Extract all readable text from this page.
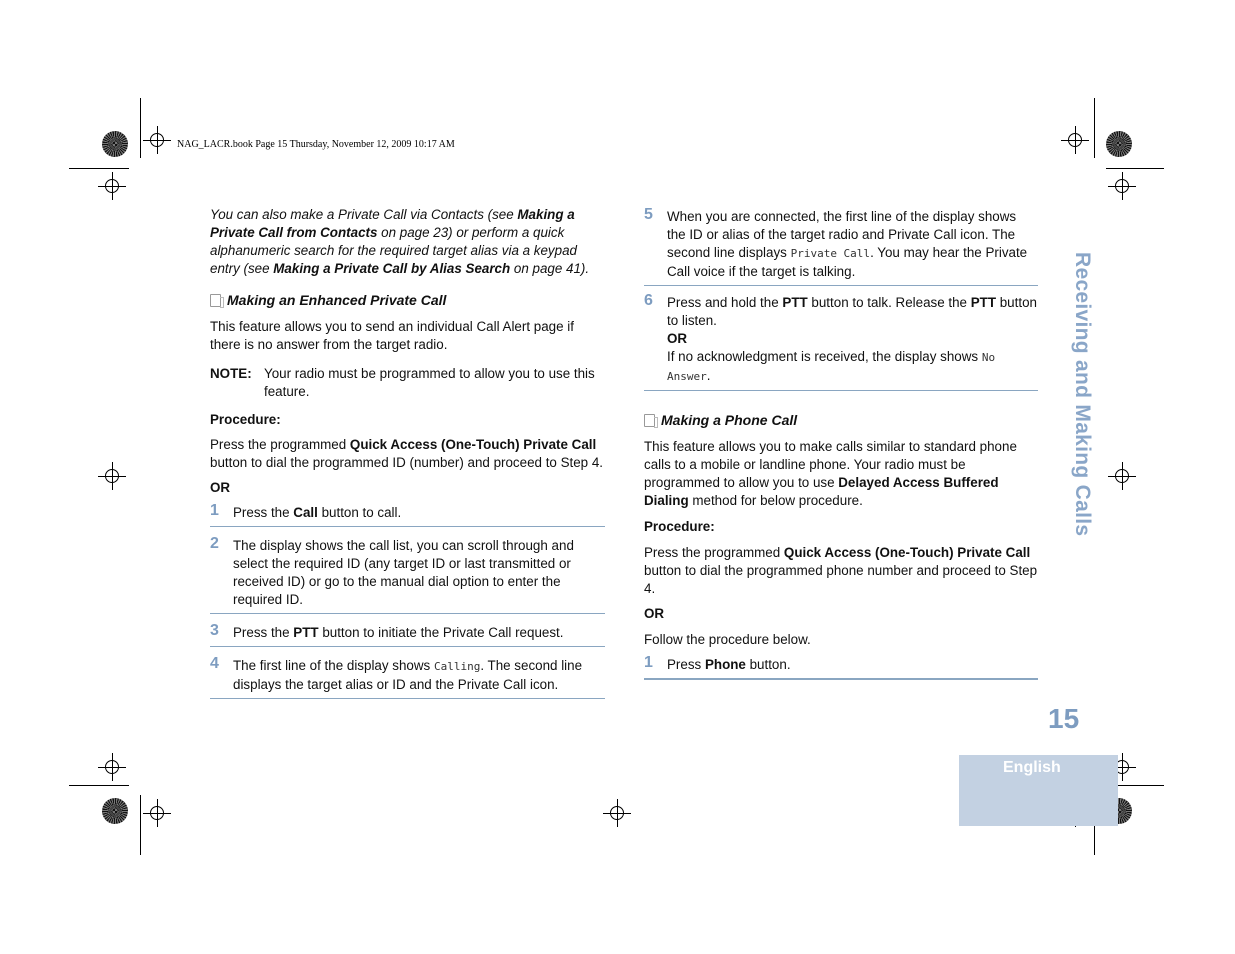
NAG_LACR.book Page 15 Thursday, November 12, 2009 10:17 AM

You can also make a Private Call via Contacts (see Making a Private Call from Contacts on page 23) or perform a quick alphanumeric search for the required target alias via a keypad entry (see Making a Private Call by Alias Search on page 41).

Making an Enhanced Private Call

This feature allows you to send an individual Call Alert page if there is no answer from the target radio.

NOTE: Your radio must be programmed to allow you to use this feature.

Procedure:

Press the programmed Quick Access (One-Touch) Private Call button to dial the programmed ID (number) and proceed to Step 4.

OR

1 Press the Call button to call.
2 The display shows the call list, you can scroll through and select the required ID (any target ID or last transmitted or received ID) or go to the manual dial option to enter the required ID.
3 Press the PTT button to initiate the Private Call request.
4 The first line of the display shows Calling. The second line displays the target alias or ID and the Private Call icon.
5 When you are connected, the first line of the display shows the ID or alias of the target radio and Private Call icon. The second line displays Private Call. You may hear the Private Call voice if the target is talking.
6 Press and hold the PTT button to talk. Release the PTT button to listen.
OR
If no acknowledgment is received, the display shows No Answer.
Making a Phone Call

This feature allows you to make calls similar to standard phone calls to a mobile or landline phone. Your radio must be programmed to allow you to use Delayed Access Buffered Dialing method for below procedure.

Procedure:

Press the programmed Quick Access (One-Touch) Private Call button to dial the programmed phone number and proceed to Step 4.

OR

Follow the procedure below.

1 Press Phone button.
Receiving and Making Calls
15
English
